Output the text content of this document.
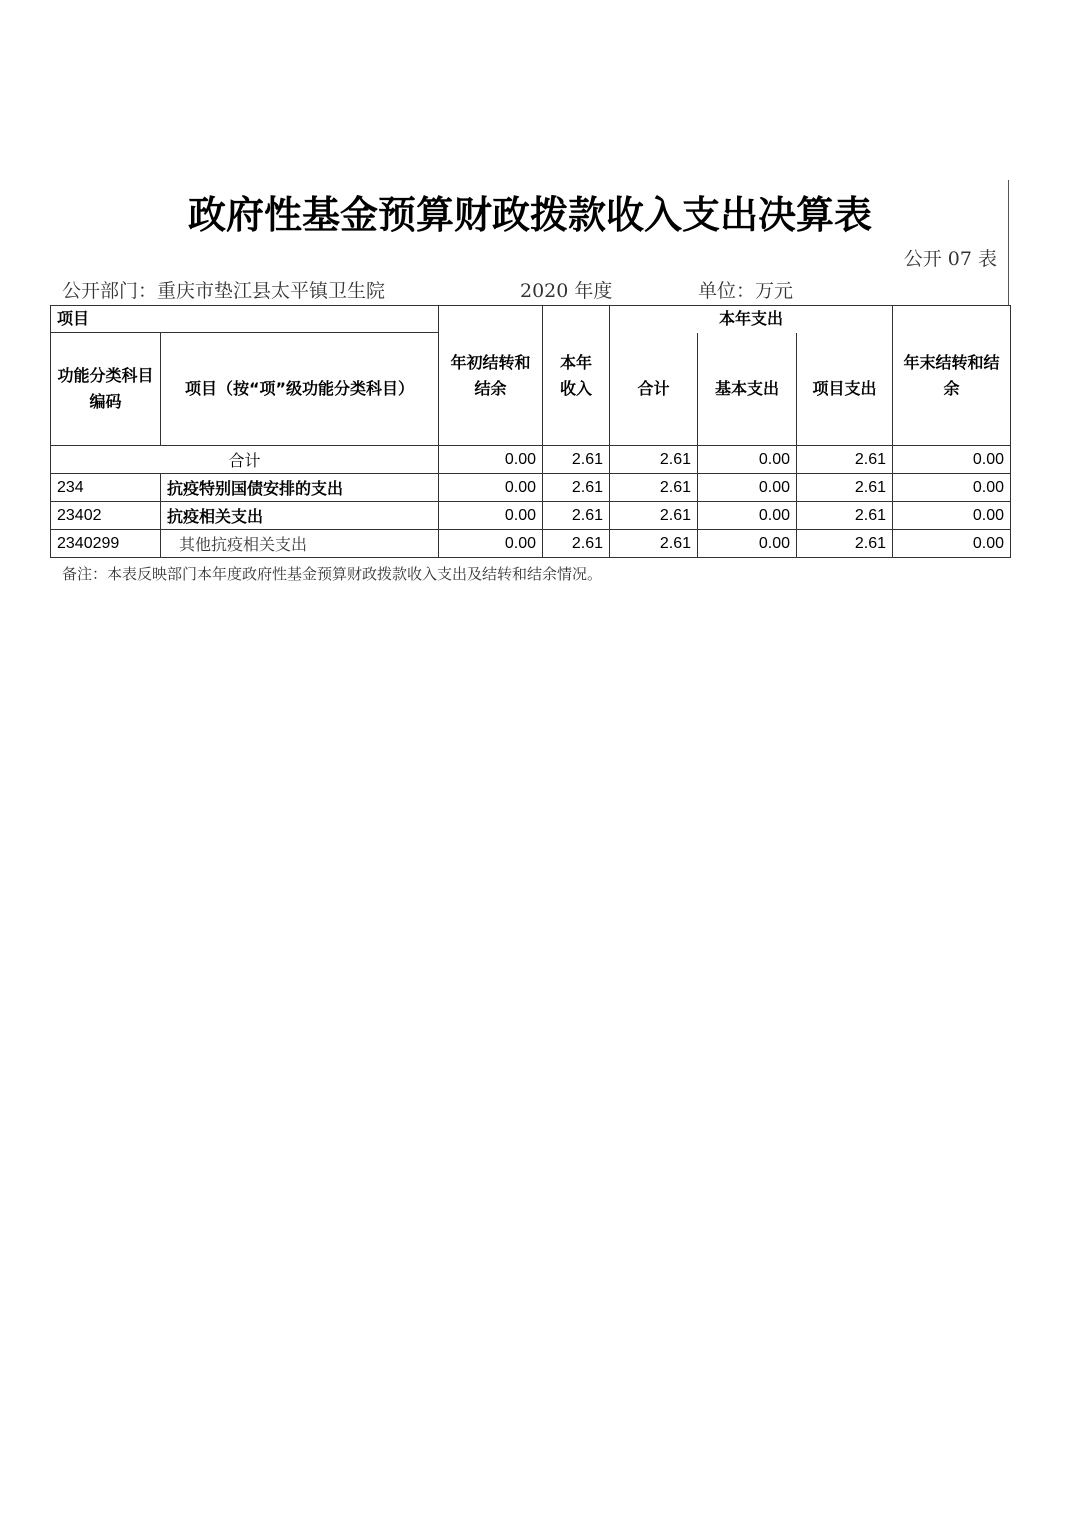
政府性基金预算财政拨款收入支出决算表
公开 07 表
公开部门：重庆市垫江县太平镇卫生院	2020 年度	单位：万元
项目		年初结转和结余	本年收入	本年支出			年末结转和结余
功能分类科目编码	项目（按“项”级功能分类科目）			合计	基本支出	项目支出	
合计		0.00	2.61	2.61	0.00	2.61	0.00
234	抗疫特别国债安排的支出	0.00	2.61	2.61	0.00	2.61	0.00
23402	抗疫相关支出	0.00	2.61	2.61	0.00	2.61	0.00
2340299	其他抗疫相关支出	0.00	2.61	2.61	0.00	2.61	0.00
备注：本表反映部门本年度政府性基金预算财政拨款收入支出及结转和结余情况。
